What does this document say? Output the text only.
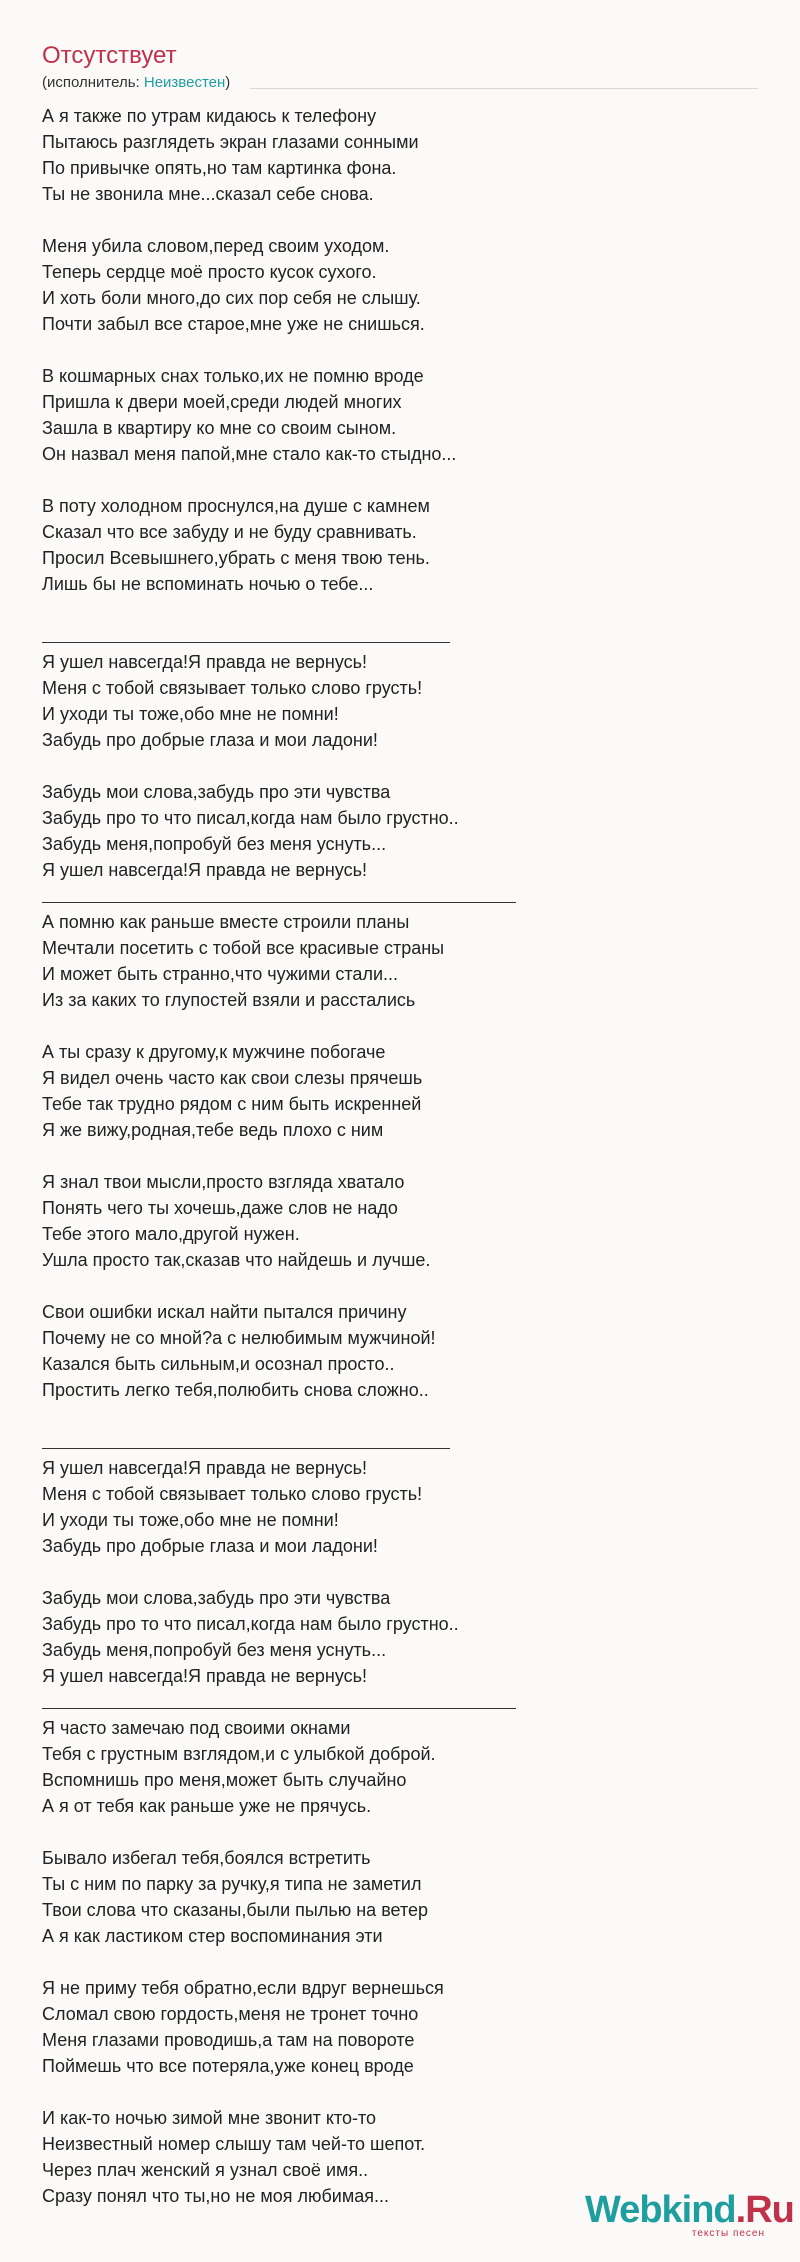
Отсутствует
(исполнитель: Неизвестен)
А я также по утрам кидаюсь к телефону
Пытаюсь разглядеть экран глазами сонными
По привычке опять,но там картинка фона.
Ты не звонила мне...сказал себе снова.
Меня убила словом,перед своим уходом.
Теперь сердце моё просто кусок сухого.
И хоть боли много,до сих пор себя не слышу.
Почти забыл все старое,мне уже не снишься.
В кошмарных снах только,их не помню вроде
Пришла к двери моей,среди людей многих
Зашла в квартиру ко мне со своим сыном.
Он назвал меня папой,мне стало как-то стыдно...
В поту холодном проснулся,на душе с камнем
Сказал что все забуду и не буду сравнивать.
Просил Всевышнего,убрать с меня твою тень.
Лишь бы не вспоминать ночью о тебе...
Я ушел навсегда!Я правда не вернусь!
Меня с тобой связывает только слово грусть!
И уходи ты тоже,обо мне не помни!
Забудь про добрые глаза и мои ладони!
Забудь мои слова,забудь про эти чувства
Забудь про то что писал,когда нам было грустно..
Забудь меня,попробуй без меня уснуть...
Я ушел навсегда!Я правда не вернусь!
А помню как раньше вместе строили планы
Мечтали посетить с тобой все красивые страны
И может быть странно,что чужими стали...
Из за каких то глупостей взяли и расстались
А ты сразу к другому,к мужчине побогаче
Я видел очень часто как свои слезы прячешь
Тебе так трудно рядом с ним быть искренней
Я же вижу,родная,тебе ведь плохо с ним
Я знал твои мысли,просто взгляда хватало
Понять чего ты хочешь,даже слов не надо
Тебе этого мало,другой нужен.
Ушла просто так,сказав что найдешь и лучше.
Свои ошибки искал найти пытался причину
Почему не со мной?а с нелюбимым мужчиной!
Казался быть сильным,и осознал просто..
Простить легко тебя,полюбить снова сложно..
Я ушел навсегда!Я правда не вернусь!
Меня с тобой связывает только слово грусть!
И уходи ты тоже,обо мне не помни!
Забудь про добрые глаза и мои ладони!
Забудь мои слова,забудь про эти чувства
Забудь про то что писал,когда нам было грустно..
Забудь меня,попробуй без меня уснуть...
Я ушел навсегда!Я правда не вернусь!
Я часто замечаю под своими окнами
Тебя с грустным взглядом,и с улыбкой доброй.
Вспомнишь про меня,может быть случайно
А я от тебя как раньше уже не прячусь.
Бывало избегал тебя,боялся встретить
Ты с ним по парку за ручку,я типа не заметил
Твои слова что сказаны,были пылью на ветер
А я как ластиком стер воспоминания эти
Я не приму тебя обратно,если вдруг вернешься
Сломал свою гордость,меня не тронет точно
Меня глазами проводишь,а там на повороте
Поймешь что все потеряла,уже конец вроде
И как-то ночью зимой мне звонит кто-то
Неизвестный номер слышу там чей-то шепот.
Через плач женский я узнал своё имя..
Сразу понял что ты,но не моя любимая...	Webkind.Ru
тексты песен
